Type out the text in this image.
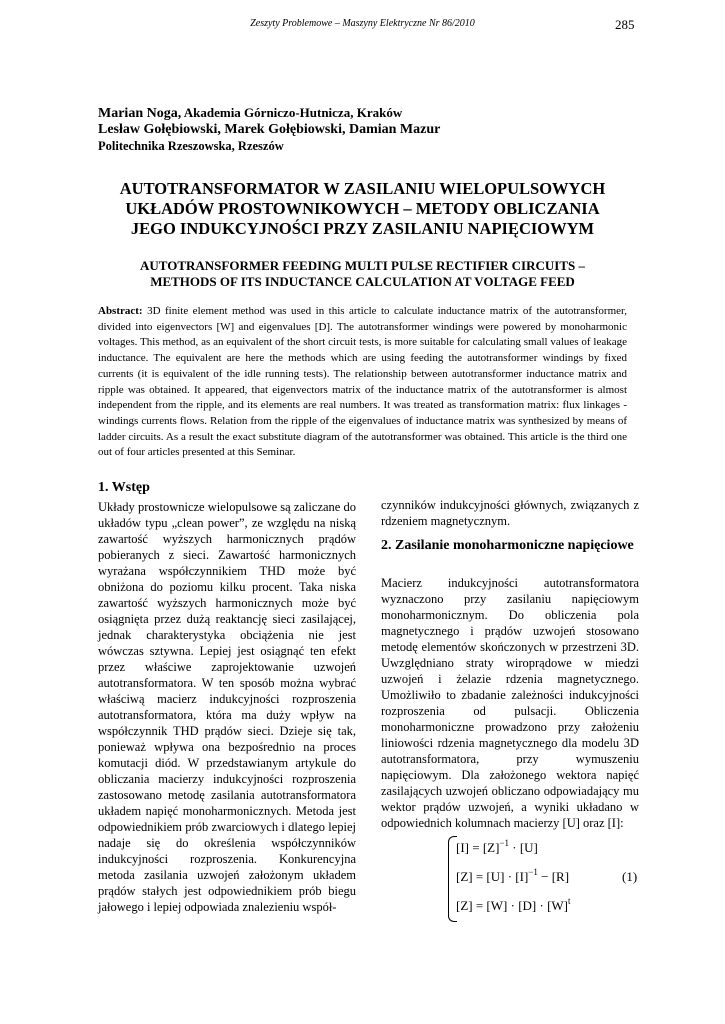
Zeszyty Problemowe – Maszyny Elektryczne Nr 86/2010	285
Marian Noga, Akademia Górniczo-Hutnicza, Kraków
Lesław Gołębiowski, Marek Gołębiowski, Damian Mazur
Politechnika Rzeszowska, Rzeszów
AUTOTRANSFORMATOR W ZASILANIU WIELOPULSOWYCH
UKŁADÓW PROSTOWNIKOWYCH – METODY OBLICZANIA
JEGO INDUKCYJNOŚCI PRZY ZASILANIU NAPIĘCIOWYM
AUTOTRANSFORMER FEEDING MULTI PULSE RECTIFIER CIRCUITS –
METHODS OF ITS INDUCTANCE CALCULATION AT VOLTAGE FEED
Abstract: 3D finite element method was used in this article to calculate inductance matrix of the autotransformer, divided into eigenvectors [W] and eigenvalues [D]. The autotransformer windings were powered by monoharmonic voltages. This method, as an equivalent of the short circuit tests, is more suitable for calculating small values of leakage inductance. The equivalent are here the methods which are using feeding the autotransformer windings by fixed currents (it is equivalent of the idle running tests). The relationship between autotransformer inductance matrix and ripple was obtained. It appeared, that eigenvectors matrix of the inductance matrix of the autotransformer is almost independent from the ripple, and its elements are real numbers. It was treated as transformation matrix: flux linkages - windings currents flows. Relation from the ripple of the eigenvalues of inductance matrix was synthesized by means of ladder circuits. As a result the exact substitute diagram of the autotransformer was obtained. This article is the third one out of four articles presented at this Seminar.
1. Wstęp

Układy prostownicze wielopulsowe są zaliczane do układów typu „clean power”, ze względu na niską zawartość wyższych harmonicznych prądów pobieranych z sieci. Zawartość harmonicznych wyrażana współczynnikiem THD może być obniżona do poziomu kilku procent. Taka niska zawartość wyższych harmonicznych może być osiągnięta przez dużą reaktancję sieci zasilającej, jednak charakterystyka obciążenia nie jest wówczas sztywna. Lepiej jest osiągnąć ten efekt przez właściwe zaprojektowanie uzwojeń autotransformatora. W ten sposób można wybrać właściwą macierz indukcyjności rozproszenia autotransformatora, która ma duży wpływ na współczynnik THD prądów sieci. Dzieje się tak, ponieważ wpływa ona bezpośrednio na proces komutacji diód. W przedstawianym artykule do obliczania macierzy indukcyjności rozproszenia zastosowano metodę zasilania autotransformatora układem napięć monoharmonicznych. Metoda jest odpowiednikiem prób zwarciowych i dlatego lepiej nadaje się do określenia współczynników indukcyjności rozproszenia. Konkurencyjna metoda zasilania uzwojeń założonym układem prądów stałych jest odpowiednikiem prób biegu jałowego i lepiej odpowiada znalezieniu współ-

czynników indukcyjności głównych, związanych z rdzeniem magnetycznym.

2. Zasilanie monoharmoniczne napięciowe

Macierz indukcyjności autotransformatora wyznaczono przy zasilaniu napięciowym monoharmonicznym. Do obliczenia pola magnetycznego i prądów uzwojeń stosowano metodę elementów skończonych w przestrzeni 3D. Uwzględniano straty wiroprądowe w miedzi uzwojeń i żelazie rdzenia magnetycznego. Umożliwiło to zbadanie zależności indukcyjności rozproszenia od pulsacji. Obliczenia monoharmoniczne prowadzono przy założeniu liniowości rdzenia magnetycznego dla modelu 3D autotransformatora, przy wymuszeniu napięciowym. Dla założonego wektora napięć zasilających uzwojeń obliczano odpowiadający mu wektor prądów uzwojeń, a wyniki układano w odpowiednich kolumnach macierzy [U] oraz [I]:

$[I] = [Z]^{-1} \cdot [U]$
$[Z] = [U] \cdot [I]^{-1} - [R]$
$[Z] = [W] \cdot [D] \cdot [W]^t$
(1)
